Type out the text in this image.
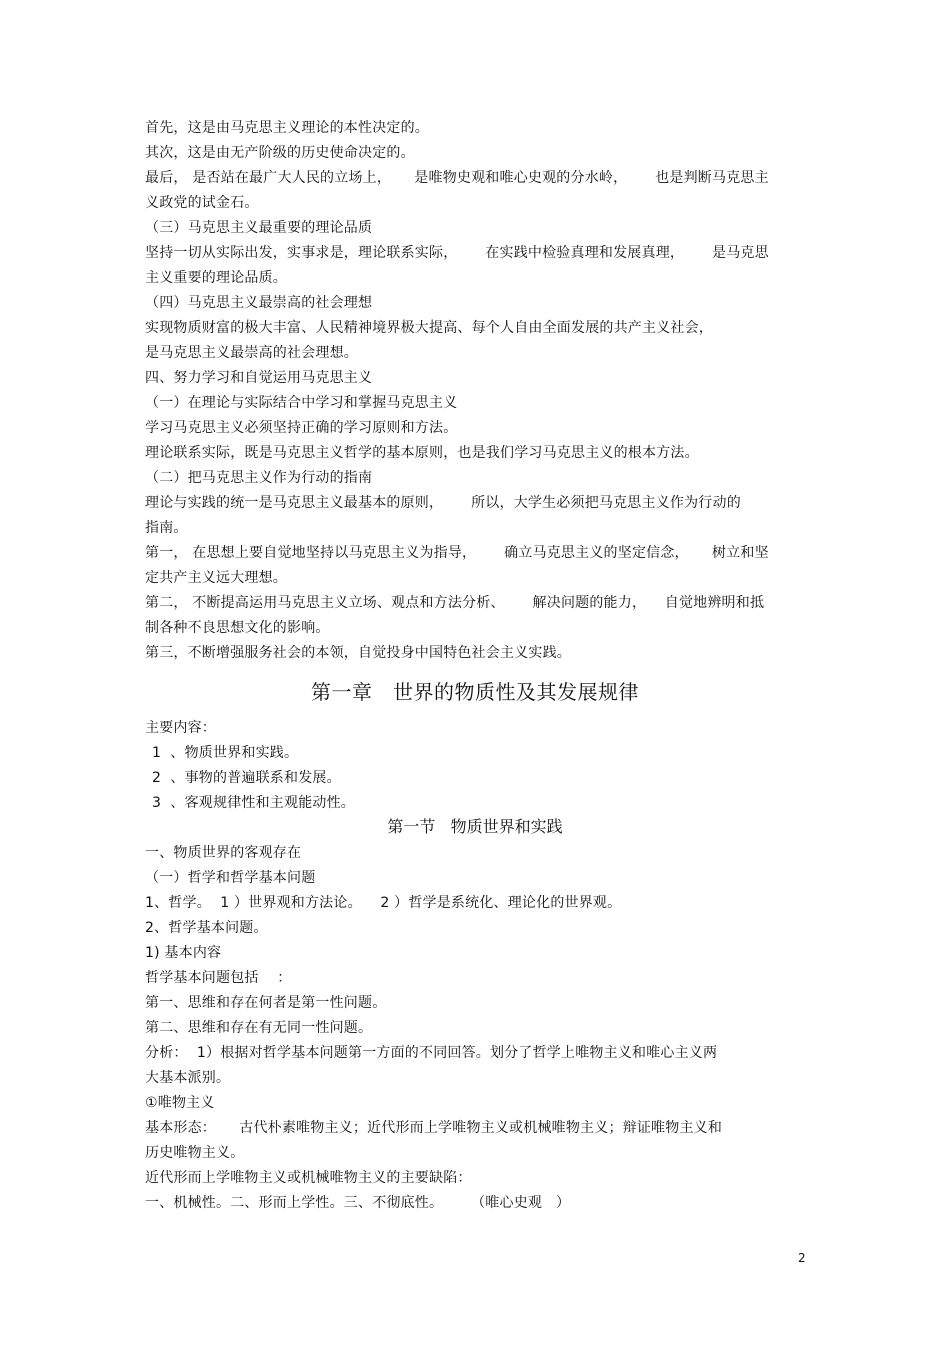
首先，这是由马克思主义理论的本性决定的。
其次，这是由无产阶级的历史使命决定的。
最后， 是否站在最广大人民的立场上，     是唯物史观和唯心史观的分水岭，      也是判断马克思主
义政党的试金石。
（三）马克思主义最重要的理论品质
坚持一切从实际出发，实事求是，理论联系实际，      在实践中检验真理和发展真理，      是马克思
主义重要的理论品质。
（四）马克思主义最崇高的社会理想
实现物质财富的极大丰富、人民精神境界极大提高、每个人自由全面发展的共产主义社会，
是马克思主义最崇高的社会理想。
四、努力学习和自觉运用马克思主义
（一）在理论与实际结合中学习和掌握马克思主义
学习马克思主义必须坚持正确的学习原则和方法。
理论联系实际，既是马克思主义哲学的基本原则，也是我们学习马克思主义的根本方法。
（二）把马克思主义作为行动的指南
理论与实践的统一是马克思主义最基本的原则，      所以，大学生必须把马克思主义作为行动的
指南。
第一， 在思想上要自觉地坚持以马克思主义为指导，      确立马克思主义的坚定信念，     树立和坚
定共产主义远大理想。
第二， 不断提高运用马克思主义立场、观点和方法分析、      解决问题的能力，    自觉地辨明和抵
制各种不良思想文化的影响。
第三，不断增强服务社会的本领，自觉投身中国特色社会主义实践。
第一章   世界的物质性及其发展规律
主要内容：
1  、物质世界和实践。
2  、事物的普遍联系和发展。
3  、客观规律性和主观能动性。
第一节   物质世界和实践
一、物质世界的客观存在
（一）哲学和哲学基本问题
1、哲学。  1 ）世界观和方法论。    2 ）哲学是系统化、理论化的世界观。
2、哲学基本问题。
1) 基本内容
哲学基本问题包括    ：
第一、思维和存在何者是第一性问题。
第二、思维和存在有无同一性问题。
分析：  1）根据对哲学基本问题第一方面的不同回答。划分了哲学上唯物主义和唯心主义两
大基本派别。
①唯物主义
基本形态：     古代朴素唯物主义；近代形而上学唯物主义或机械唯物主义；辩证唯物主义和
历史唯物主义。
近代形而上学唯物主义或机械唯物主义的主要缺陷：
一、机械性。二、形而上学性。三、不彻底性。      （唯心史观   ）
2
